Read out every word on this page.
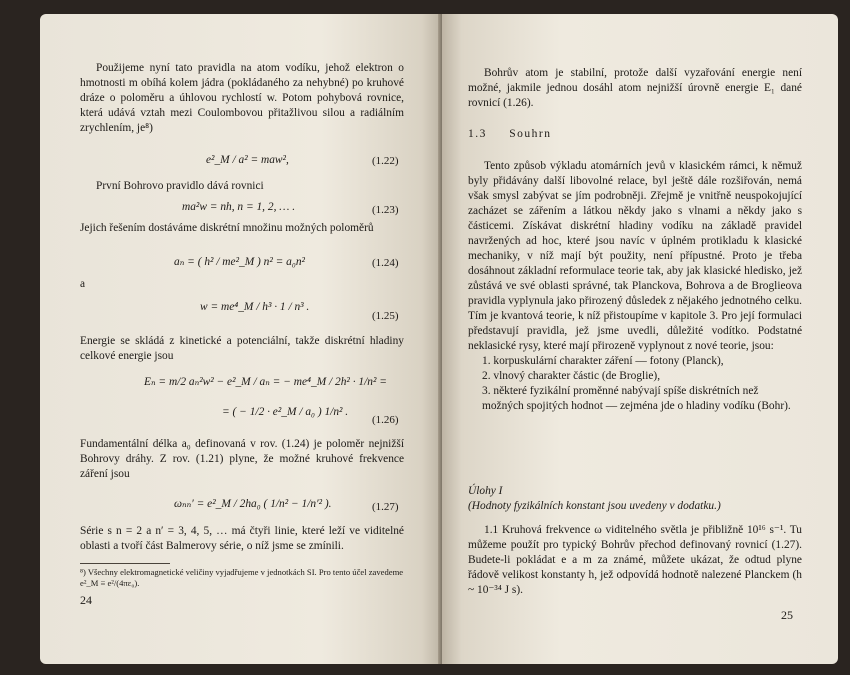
Použijeme nyní tato pravidla na atom vodíku, jehož elektron o hmotnosti m obíhá kolem jádra (pokládaného za nehybné) po kruhové dráze o poloměru a úhlovou rychlostí w. Potom pohybová rovnice, která udává vztah mezi Coulombovou přitažlivou silou a radiálním zrychlením, je⁸)

e²_M / a² = maw²,	(1.22)

První Bohrovo pravidlo dává rovnici

ma²w = nh, n = 1, 2, … .	(1.23)

Jejich řešením dostáváme diskrétní množinu možných poloměrů

aₙ = ( h² / me²_M ) n² = a₀n²	(1.24)
a
w = me⁴_M / h³ · 1 / n³ .
(1.25)

Energie se skládá z kinetické a potenciální, takže diskrétní hladiny celkové energie jsou

Eₙ = m/2 aₙ²w² − e²_M / aₙ = − me⁴_M / 2h² · 1/n² =
= ( − 1/2 · e²_M / a₀ ) 1/n² .
(1.26)

Fundamentální délka a₀ definovaná v rov. (1.24) je poloměr nejnižší Bohrovy dráhy. Z rov. (1.21) plyne, že možné kruhové frekvence záření jsou

ωₙₙ′ = e²_M / 2ha₀ ( 1/n² − 1/n′² ).	(1.27)

Série s n = 2 a n′ = 3, 4, 5, … má čtyři linie, které leží ve viditelné oblasti a tvoří část Balmerovy série, o níž jsme se zmínili.

⁸) Všechny elektromagnetické veličiny vyjadřujeme v jednotkách SI. Pro tento účel zavedeme e²_M ≡ e²/(4πε₀).
24

Bohrův atom je stabilní, protože další vyzařování energie není možné, jakmile jednou dosáhl atom nejnižší úrovně energie E₁ dané rovnicí (1.26).

1.3 Souhrn

Tento způsob výkladu atomárních jevů v klasickém rámci, k němuž byly přidávány další libovolné relace, byl ještě dále rozšiřován, nemá však smysl zabývat se jím podrobněji. Zřejmě je vnitřně neuspokojující zacházet se zářením a látkou někdy jako s vlnami a někdy jako s částicemi. Získávat diskrétní hladiny vodíku na základě pravidel navržených ad hoc, které jsou navíc v úplném protikladu k klasické mechaniky, v níž mají být použity, není přípustné. Proto je třeba dosáhnout základní reformulace teorie tak, aby jak klasické hledisko, jež zůstává ve své oblasti správné, tak Planckova, Bohrova a de Broglieova pravidla vyplynula jako přirozený důsledek z nějakého jednotného celku. Tím je kvantová teorie, k níž přistoupíme v kapitole 3. Pro její formulaci představují pravidla, jež jsme uvedli, důležité vodítko. Podstatné neklasické rysy, které mají přirozeně vyplynout z nové teorie, jsou:

1. korpuskulární charakter záření — fotony (Planck),
2. vlnový charakter částic (de Broglie),
3. některé fyzikální proměnné nabývají spíše diskrétních než možných spojitých hodnot — zejména jde o hladiny vodíku (Bohr).
Úlohy I
(Hodnoty fyzikálních konstant jsou uvedeny v dodatku.)

1.1 Kruhová frekvence ω viditelného světla je přibližně 10¹⁶ s⁻¹. Tu můžeme použít pro typický Bohrův přechod definovaný rovnicí (1.27). Budete-li pokládat e a m za známé, můžete ukázat, že odtud plyne řádově velikost konstanty h, jež odpovídá hodnotě nalezené Planckem (h ~ 10⁻³⁴ J s).

25
